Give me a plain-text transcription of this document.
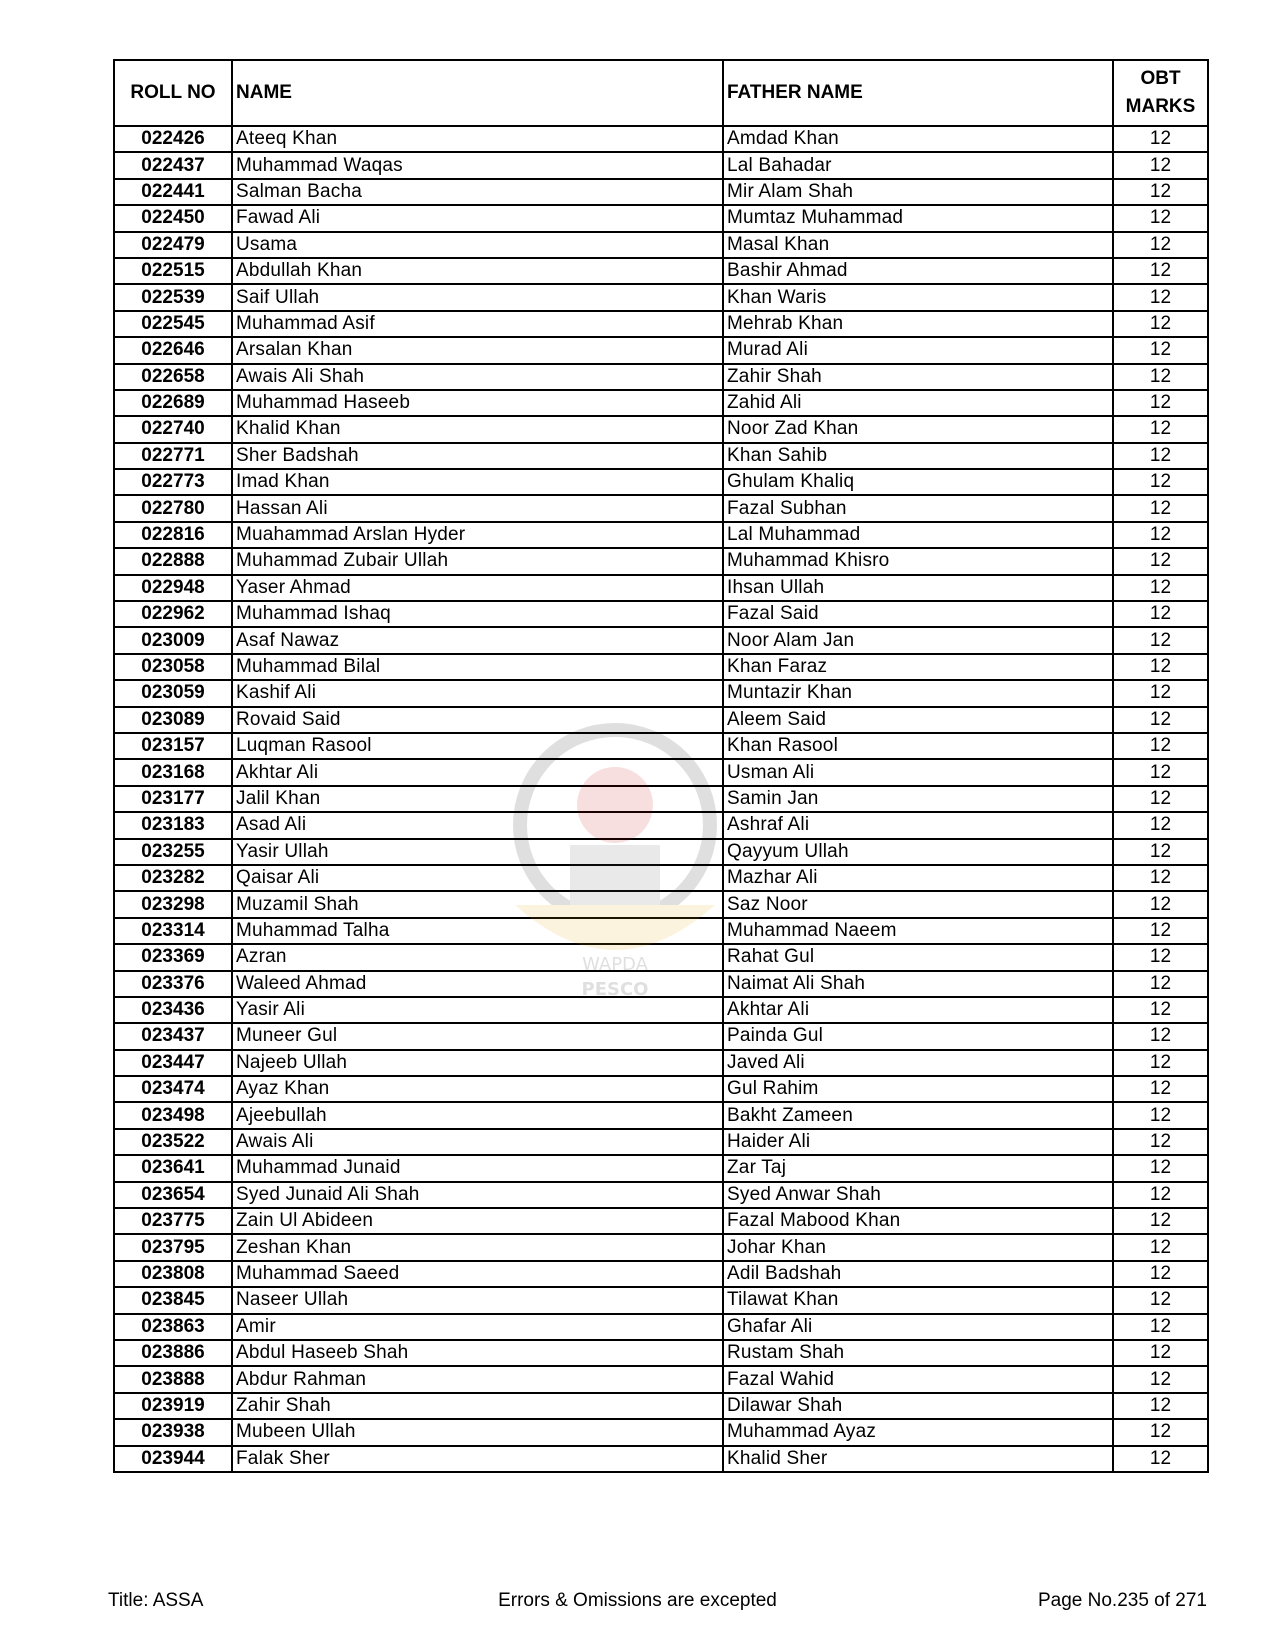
ROLL NO	NAME	FATHER NAME	OBT
MARKS

022426	Ateeq Khan	Amdad Khan	12
022437	Muhammad Waqas	Lal Bahadar	12
022441	Salman Bacha	Mir Alam Shah	12
022450	Fawad Ali	Mumtaz Muhammad	12
022479	Usama	Masal Khan	12
022515	Abdullah Khan	Bashir Ahmad	12
022539	Saif Ullah	Khan Waris	12
022545	Muhammad Asif	Mehrab Khan	12
022646	Arsalan Khan	Murad Ali	12
022658	Awais Ali Shah	Zahir Shah	12
022689	Muhammad Haseeb	Zahid Ali	12
022740	Khalid Khan	Noor Zad Khan	12
022771	Sher Badshah	Khan Sahib	12
022773	Imad Khan	Ghulam Khaliq	12
022780	Hassan Ali	Fazal Subhan	12
022816	Muahammad Arslan Hyder	Lal Muhammad	12
022888	Muhammad Zubair Ullah	Muhammad Khisro	12
022948	Yaser Ahmad	Ihsan Ullah	12
022962	Muhammad Ishaq	Fazal Said	12
023009	Asaf Nawaz	Noor Alam Jan	12
023058	Muhammad Bilal	Khan Faraz	12
023059	Kashif Ali	Muntazir Khan	12
023089	Rovaid Said	Aleem Said	12
023157	Luqman Rasool	Khan Rasool	12
023168	Akhtar Ali	Usman Ali	12
023177	Jalil Khan	Samin Jan	12
023183	Asad Ali	Ashraf Ali	12
023255	Yasir Ullah	Qayyum Ullah	12
023282	Qaisar Ali	Mazhar Ali	12
023298	Muzamil Shah	Saz Noor	12
023314	Muhammad Talha	Muhammad Naeem	12
023369	Azran	Rahat Gul	12
023376	Waleed Ahmad	Naimat Ali Shah	12
023436	Yasir Ali	Akhtar Ali	12
023437	Muneer Gul	Painda Gul	12
023447	Najeeb Ullah	Javed Ali	12
023474	Ayaz Khan	Gul Rahim	12
023498	Ajeebullah	Bakht Zameen	12
023522	Awais Ali	Haider Ali	12
023641	Muhammad Junaid	Zar Taj	12
023654	Syed Junaid Ali Shah	Syed Anwar Shah	12
023775	Zain Ul Abideen	Fazal Mabood Khan	12
023795	Zeshan Khan	Johar Khan	12
023808	Muhammad Saeed	Adil Badshah	12
023845	Naseer Ullah	Tilawat Khan	12
023863	Amir	Ghafar Ali	12
023886	Abdul Haseeb Shah	Rustam Shah	12
023888	Abdur Rahman	Fazal Wahid	12
023919	Zahir Shah	Dilawar Shah	12
023938	Mubeen Ullah	Muhammad Ayaz	12
023944	Falak Sher	Khalid Sher	12
WAPDA
PESCO
Errors & Omissions are excepted
Title: ASSA	Page No.235 of 271
